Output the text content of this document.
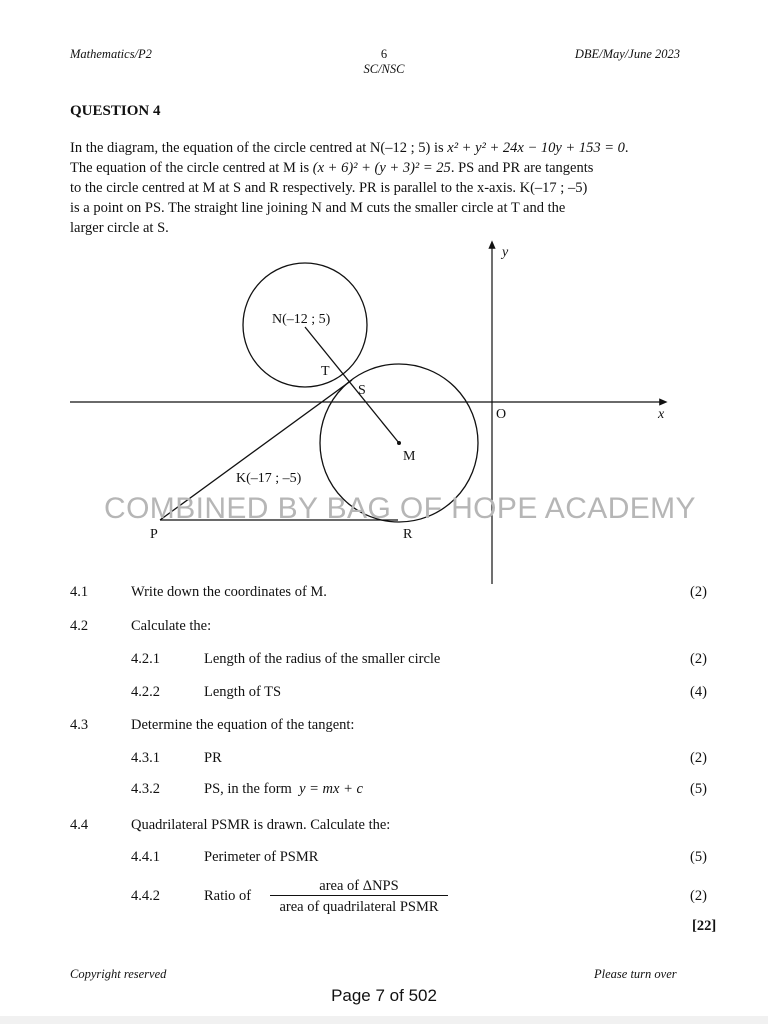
Mathematics/P2	6
SC/NSC
DBE/May/June 2023
QUESTION 4

In the diagram, the equation of the circle centred at N(–12 ; 5) is x² + y² + 24x − 10y + 153 = 0.

The equation of the circle centred at M is (x + 6)² + (y + 3)² = 25. PS and PR are tangents

to the circle centred at M at S and R respectively. PR is parallel to the x-axis. K(–17 ; –5)

is a point on PS. The straight line joining N and M cuts the smaller circle at T and the

larger circle at S.

y
x
O
N(–12 ; 5)
T
S
M
K(–17 ; –5)
P	R
COMBINED BY BAG OF HOPE ACADEMY
4.1	Write down the coordinates of M.	(2)
4.2	Calculate the:
4.2.1	Length of the radius of the smaller circle	(2)
4.2.2	Length of TS	(4)
4.3	Determine the equation of the tangent:
4.3.1	PR	(2)
4.3.2	PS, in the form y = mx + c	(5)
4.4	Quadrilateral PSMR is drawn. Calculate the:
4.4.1	Perimeter of PSMR	(5)
4.4.2	Ratio of	(2)
area of ΔNPS
area of quadrilateral PSMR
[22]
Copyright reserved	Please turn over
Page 7 of 502
